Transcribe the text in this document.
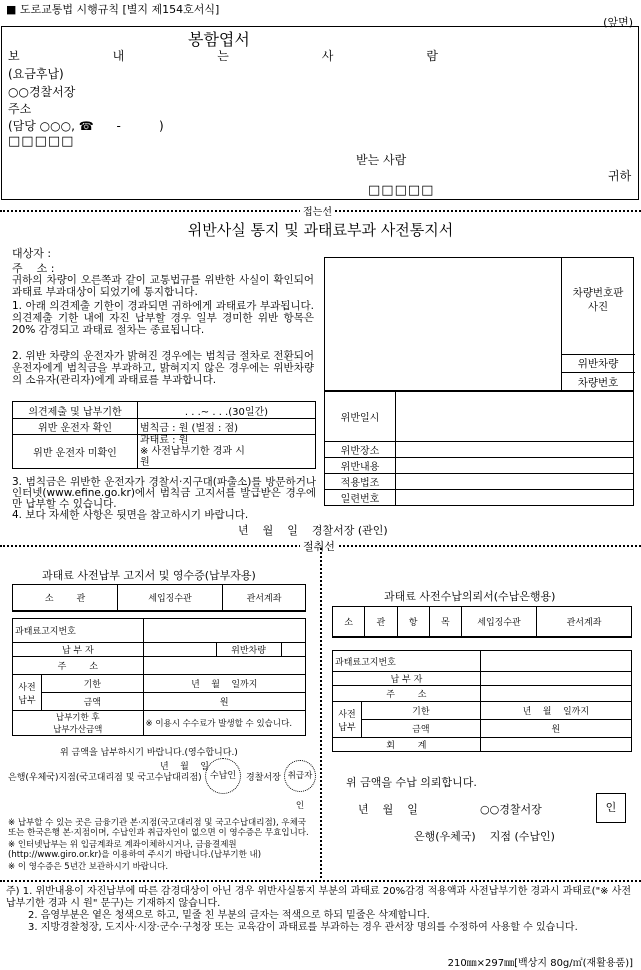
■ 도로교통법 시행규칙 [별지 제154호서식]
(앞면)
봉함엽서
보	내	는	사	람
(요금후납)
○○경찰서장
주소
(담당 ○○○, ☎      -          )
□□□□□
받는 사람
귀하
□□□□□
접는선
위반사실 통지 및 과태료부과 사전통지서
대상자 :
주    소 :
귀하의 차량이 오른쪽과 같이 교통법규를 위반한 사실이 확인되어 과태료 부과대상이 되었기에 통지합니다.
1. 아래 의견제출 기한이 경과되면 귀하에게 과태료가 부과됩니다. 의견제출 기한 내에 자진 납부할 경우 일부 경미한 위반 항목은 20% 감경되고 과태료 절차는 종료됩니다.
2. 위반 차량의 운전자가 밝혀진 경우에는 범칙금 절차로 전환되어 운전자에게 범칙금을 부과하고, 밝혀지지 않은 경우에는 위반차량의 소유자(관리자)에게 과태료를 부과합니다.
의견제출 및 납부기한	. . .~ . . .(30일간)
위반 운전자 확인	범칙금 : 원 (벌점 : 점)
위반 운전자 미확인	과태료 : 원
※ 사전납부기한 경과 시
원
3. 범칙금은 위반한 운전자가 경찰서·지구대(파출소)를 방문하거나 인터넷(www.efine.go.kr)에서 범칙금 고지서를 발급받은 경우에만 납부할 수 있습니다.
4. 보다 자세한 사항은 뒷면을 참고하시기 바랍니다.
년    월    일    경찰서장 (관인)
차량번호판
사진
위반차량
차량번호
위반일시	
위반장소	
위반내용	
적용법조	
일련번호	
절취선
과태료 사전납부 고지서 및 영수증(납부자용)
소        관	세입징수관	관서계좌

과태료고지번호				
납 부 자			위반차량	
주        소				
사전
납부	기한	년    월    일까지		
	금액	원		
납부기한 후
납부가산금액		※ 이용시 수수료가 발생할 수 있습니다.		
위 금액을 납부하시기 바랍니다.(영수합니다.)
년    월    일
은행(우체국)지점(국고대리점 및 국고수납대리점) 수납인	경찰서장 취급자인
※ 납부할 수 있는 곳은 금융기관 본·지점(국고대리점 및 국고수납대리점), 우체국 또는 한국은행 본·지점이며, 수납인과 취급자인이 없으면 이 영수증은 무효입니다.
※ 인터넷납부는 위 입금계좌로 계좌이체하시거나, 금융결제원(http://www.giro.or.kr)을 이용하여 주시기 바랍니다.(납부기한 내)
※ 이 영수증은 5년간 보관하시기 바랍니다.
과태료 사전수납의뢰서(수납은행용)
소	관	항	목	세입징수관	관서계좌

과태료고지번호		
납 부 자		
주        소		
사전
납부	기한	년    월    일까지
	금액	원
회        계		
위 금액을 수납 의뢰합니다.
년    월    일	○○경찰서장	인
은행(우체국)    지점 (수납인)
주) 1. 위반내용이 자진납부에 따른 감경대상이 아닌 경우 위반사실통지 부분의 과태료 20%감경 적용액과 사전납부기한 경과시 과태료("※ 사전납부기한 경과 시 원" 문구)는 기재하지 않습니다.
2. 음영부분은 옅은 청색으로 하고, 밑줄 친 부분의 글자는 적색으로 하되 밑줄은 삭제합니다.
3. 지방경찰청장, 도지사·시장·군수·구청장 또는 교육감이 과태료를 부과하는 경우 관서장 명의를 수정하여 사용할 수 있습니다.
210㎜×297㎜[백상지 80g/㎡(재활용품)]
